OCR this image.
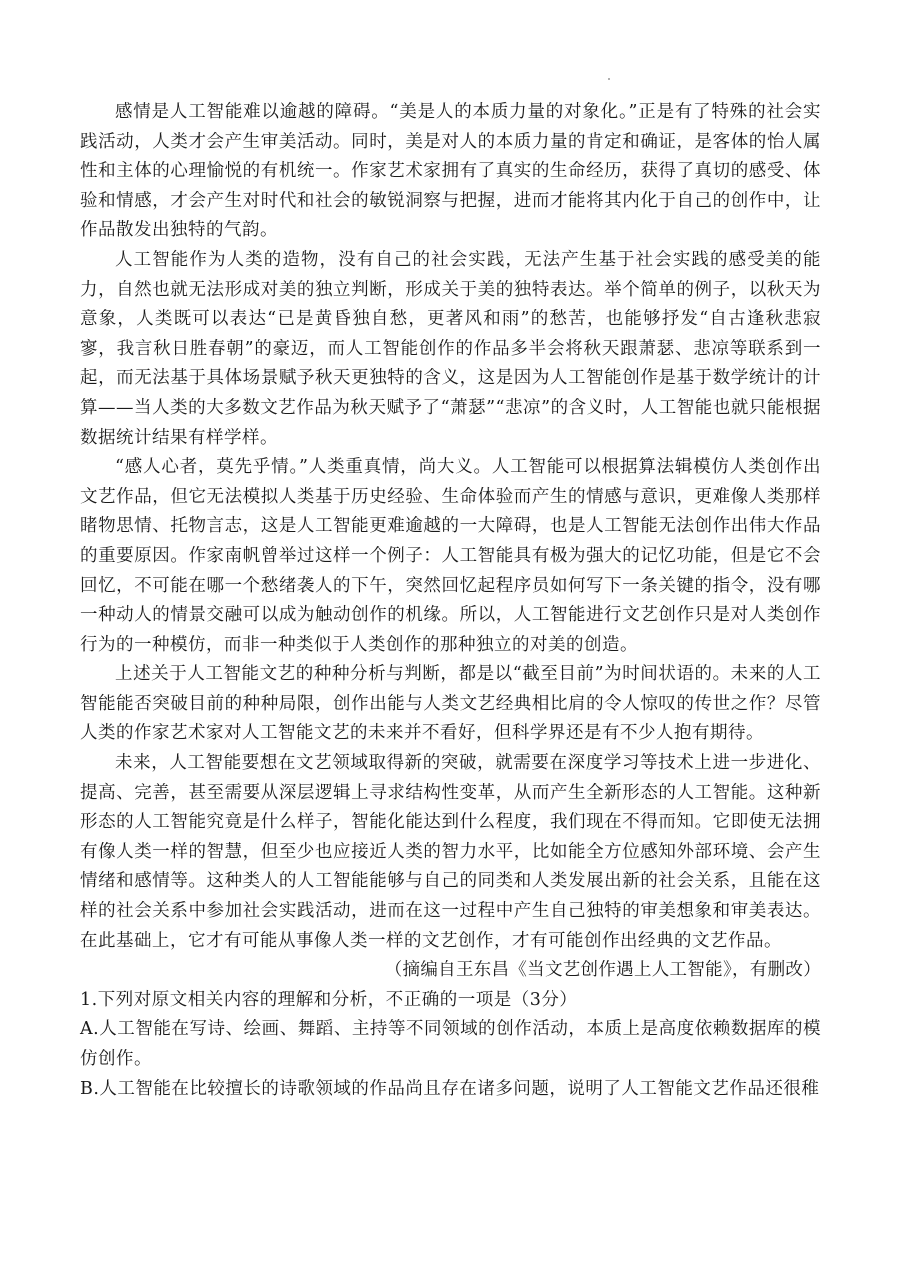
感情是人工智能难以逾越的障碍。“美是人的本质力量的对象化。”正是有了特殊的社会实践活动，人类才会产生审美活动。同时，美是对人的本质力量的肯定和确证，是客体的怡人属性和主体的心理愉悦的有机统一。作家艺术家拥有了真实的生命经历，获得了真切的感受、体验和情感，才会产生对时代和社会的敏锐洞察与把握，进而才能将其内化于自己的创作中，让作品散发出独特的气韵。

人工智能作为人类的造物，没有自己的社会实践，无法产生基于社会实践的感受美的能力，自然也就无法形成对美的独立判断，形成关于美的独特表达。举个简单的例子，以秋天为意象，人类既可以表达“已是黄昏独自愁，更著风和雨”的愁苦，也能够抒发“自古逢秋悲寂寥，我言秋日胜春朝”的豪迈，而人工智能创作的作品多半会将秋天跟萧瑟、悲凉等联系到一起，而无法基于具体场景赋予秋天更独特的含义，这是因为人工智能创作是基于数学统计的计算——当人类的大多数文艺作品为秋天赋予了“萧瑟”“悲凉”的含义时，人工智能也就只能根据数据统计结果有样学样。

“感人心者，莫先乎情。”人类重真情，尚大义。人工智能可以根据算法辑模仿人类创作出文艺作品，但它无法模拟人类基于历史经验、生命体验而产生的情感与意识，更难像人类那样睹物思情、托物言志，这是人工智能更难逾越的一大障碍，也是人工智能无法创作出伟大作品的重要原因。作家南帆曾举过这样一个例子：人工智能具有极为强大的记忆功能，但是它不会回忆，不可能在哪一个愁绪袭人的下午，突然回忆起程序员如何写下一条关键的指令，没有哪一种动人的情景交融可以成为触动创作的机缘。所以，人工智能进行文艺创作只是对人类创作行为的一种模仿，而非一种类似于人类创作的那种独立的对美的创造。

上述关于人工智能文艺的种种分析与判断，都是以“截至目前”为时间状语的。未来的人工智能能否突破目前的种种局限，创作出能与人类文艺经典相比肩的令人惊叹的传世之作？尽管人类的作家艺术家对人工智能文艺的未来并不看好，但科学界还是有不少人抱有期待。

未来，人工智能要想在文艺领域取得新的突破，就需要在深度学习等技术上进一步进化、提高、完善，甚至需要从深层逻辑上寻求结构性变革，从而产生全新形态的人工智能。这种新形态的人工智能究竟是什么样子，智能化能达到什么程度，我们现在不得而知。它即使无法拥有像人类一样的智慧，但至少也应接近人类的智力水平，比如能全方位感知外部环境、会产生情绪和感情等。这种类人的人工智能能够与自己的同类和人类发展出新的社会关系，且能在这样的社会关系中参加社会实践活动，进而在这一过程中产生自己独特的审美想象和审美表达。在此基础上，它才有可能从事像人类一样的文艺创作，才有可能创作出经典的文艺作品。

（摘编自王东昌《当文艺创作遇上人工智能》，有删改）

1.下列对原文相关内容的理解和分析，不正确的一项是（3分）

A.人工智能在写诗、绘画、舞蹈、主持等不同领域的创作活动，本质上是高度依赖数据库的模仿创作。

B.人工智能在比较擅长的诗歌领域的作品尚且存在诸多问题，说明了人工智能文艺作品还很稚
